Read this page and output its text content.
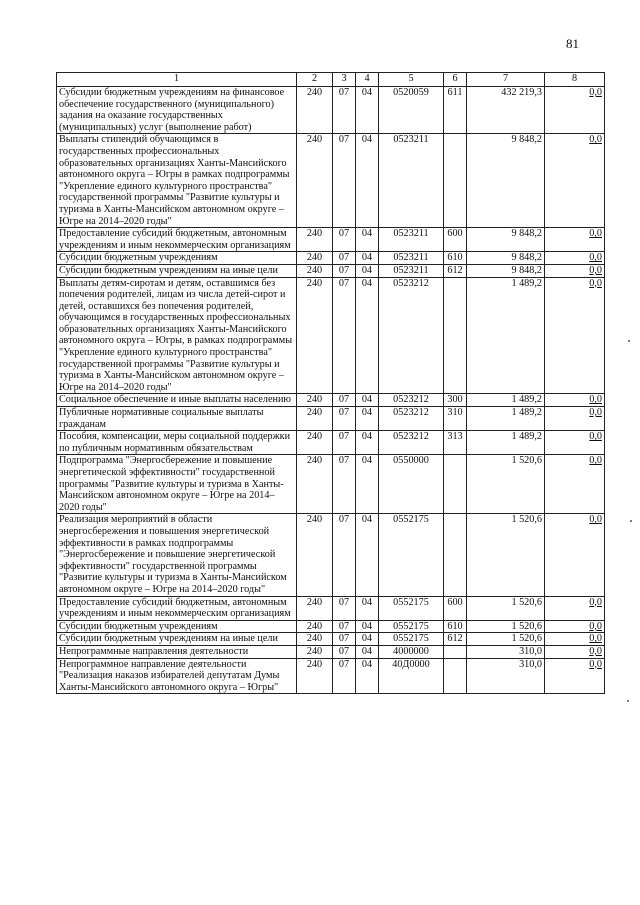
81
1	2	3	4	5	6	7	8
Субсидии бюджетным учреждениям на финансовое обеспечение государственного (муниципального) задания на оказание государственных (муниципальных) услуг (выполнение работ)	240	07	04	0520059	611	432 219,3	0,0
Выплаты стипендий обучающимся в государственных профессиональных образовательных организациях Ханты-Мансийского автономного округа – Югры в рамках подпрограммы "Укрепление единого культурного пространства" государственной программы "Развитие культуры и туризма в Ханты-Мансийском автономном округе – Югре на 2014–2020 годы"	240	07	04	0523211		9 848,2	0,0
Предоставление субсидий бюджетным, автономным учреждениям и иным некоммерческим организациям	240	07	04	0523211	600	9 848,2	0,0
Субсидии бюджетным учреждениям	240	07	04	0523211	610	9 848,2	0,0
Субсидии бюджетным учреждениям на иные цели	240	07	04	0523211	612	9 848,2	0,0
Выплаты детям-сиротам и детям, оставшимся без попечения родителей, лицам из числа детей-сирот и детей, оставшихся без попечения родителей, обучающимся в государственных профессиональных образовательных организациях Ханты-Мансийского автономного округа – Югры, в рамках подпрограммы "Укрепление единого культурного пространства" государственной программы "Развитие культуры и туризма в Ханты-Мансийском автономном округе – Югре на 2014–2020 годы"	240	07	04	0523212		1 489,2	0,0
Социальное обеспечение и иные выплаты населению	240	07	04	0523212	300	1 489,2	0,0
Публичные нормативные социальные выплаты гражданам	240	07	04	0523212	310	1 489,2	0,0
Пособия, компенсации, меры социальной поддержки по публичным нормативным обязательствам	240	07	04	0523212	313	1 489,2	0,0
Подпрограмма "Энергосбережение и повышение энергетической эффективности" государственной программы "Развитие культуры и туризма в Ханты-Мансийском автономном округе – Югре на 2014–2020 годы"	240	07	04	0550000		1 520,6	0,0
Реализация мероприятий в области энергосбережения и повышения энергетической эффективности в рамках подпрограммы "Энергосбережение и повышение энергетической эффективности" государственной программы "Развитие культуры и туризма в Ханты-Мансийском автономном округе – Югре на 2014–2020 годы"	240	07	04	0552175		1 520,6	0,0
Предоставление субсидий бюджетным, автономным учреждениям и иным некоммерческим организациям	240	07	04	0552175	600	1 520,6	0,0
Субсидии бюджетным учреждениям	240	07	04	0552175	610	1 520,6	0,0
Субсидии бюджетным учреждениям на иные цели	240	07	04	0552175	612	1 520,6	0,0
Непрограммные направления деятельности	240	07	04	4000000		310,0	0,0
Непрограммное направление деятельности "Реализация наказов избирателей депутатам Думы Ханты-Мансийского автономного округа – Югры"	240	07	04	40Д0000		310,0	0,0
